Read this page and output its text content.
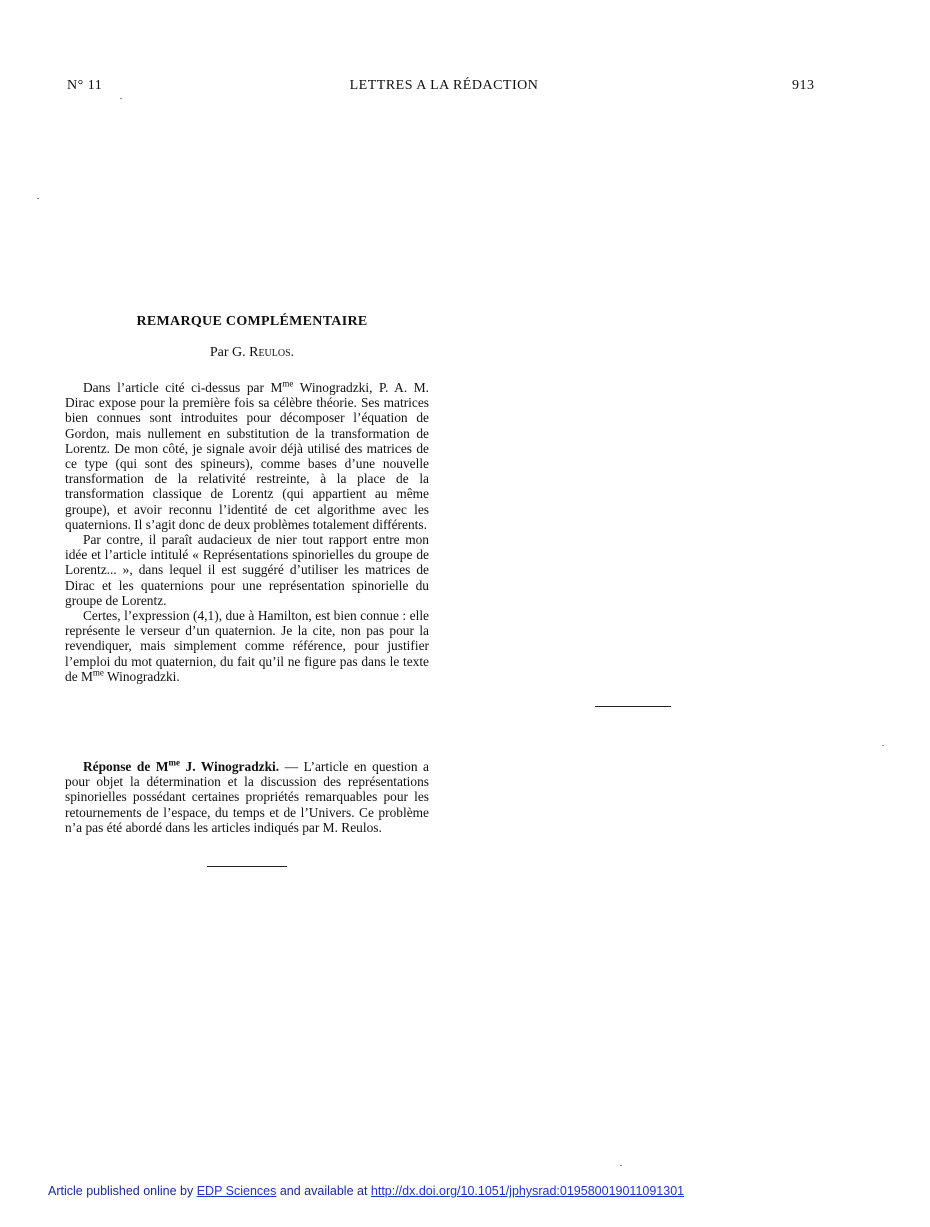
N° 11	LETTRES A LA RÉDACTION	913
REMARQUE COMPLÉMENTAIRE
Par G. Reulos.

Dans l’article cité ci-dessus par $M^{me}$ Winogradzki, P. A. M. Dirac expose pour la première fois sa célèbre théorie. Ses matrices bien connues sont introduites pour décomposer l’équation de Gordon, mais nullement en substitution de la transformation de Lorentz. De mon côté, je signale avoir déjà utilisé des matrices de ce type (qui sont des spineurs), comme bases d’une nouvelle transformation de la relativité restreinte, à la place de la transformation classique de Lorentz (qui appartient au même groupe), et avoir reconnu l’identité de cet algorithme avec les quaternions. Il s’agit donc de deux problèmes totalement différents.

Par contre, il paraît audacieux de nier tout rapport entre mon idée et l’article intitulé « Représentations spinorielles du groupe de Lorentz... », dans lequel il est suggéré d’utiliser les matrices de Dirac et les quaternions pour une représentation spinorielle du groupe de Lorentz.

Certes, l’expression (4,1), due à Hamilton, est bien connue : elle représente le verseur d’un quaternion. Je la cite, non pas pour la revendiquer, mais simplement comme référence, pour justifier l’emploi du mot quaternion, du fait qu’il ne figure pas dans le texte de $M^{me}$ Winogradzki.

Réponse de $M^{me}$ J. Winogradzki. — L’article en question a pour objet la détermination et la discussion des représentations spinorielles possédant certaines propriétés remarquables pour les retournements de l’espace, du temps et de l’Univers. Ce problème n’a pas été abordé dans les articles indiqués par M. Reulos.

Article published online by EDP Sciences and available at http://dx.doi.org/10.1051/jphysrad:019580019011091301
